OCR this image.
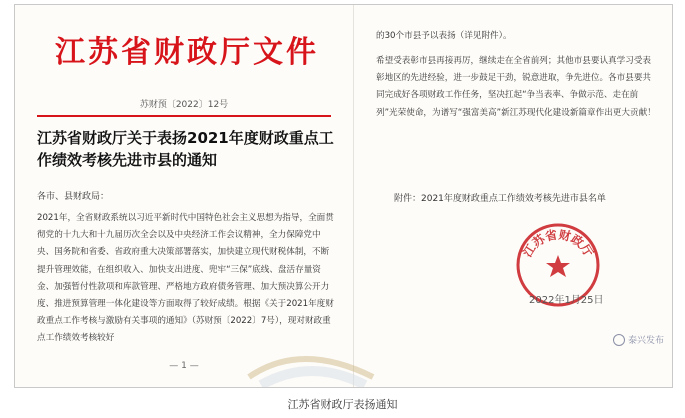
江苏省财政厅文件
苏财预〔2022〕12号
江苏省财政厅关于表扬2021年度财政重点工作绩效考核先进市县的通知
各市、县财政局：

2021年，全省财政系统以习近平新时代中国特色社会主义思想为指导，全面贯彻党的十九大和十九届历次全会以及中央经济工作会议精神，全力保障党中央、国务院和省委、省政府重大决策部署落实，加快建立现代财税体制，不断提升管理效能，在组织收入、加快支出进度、兜牢“三保”底线、盘活存量资金、加强暂付性款项和库款管理、严格地方政府债务管理、加大预决算公开力度、推进预算管理一体化建设等方面取得了较好成绩。根据《关于2021年度财政重点工作考核与激励有关事项的通知》（苏财预〔2022〕7号），现对财政重点工作绩效考核较好

— 1 —
的30个市县予以表扬（详见附件）。

希望受表彰市县再接再厉，继续走在全省前列；其他市县要认真学习受表彰地区的先进经验，进一步鼓足干劲，锐意进取，争先进位。各市县要共同完成好各项财政工作任务，坚决扛起“争当表率、争做示范、走在前列”光荣使命，为谱写“强富美高”新江苏现代化建设新篇章作出更大贡献！

附件：2021年度财政重点工作绩效考核先进市县名单
江苏省财政厅
2022年1月25日
泰兴发布
江苏省财政厅表扬通知
